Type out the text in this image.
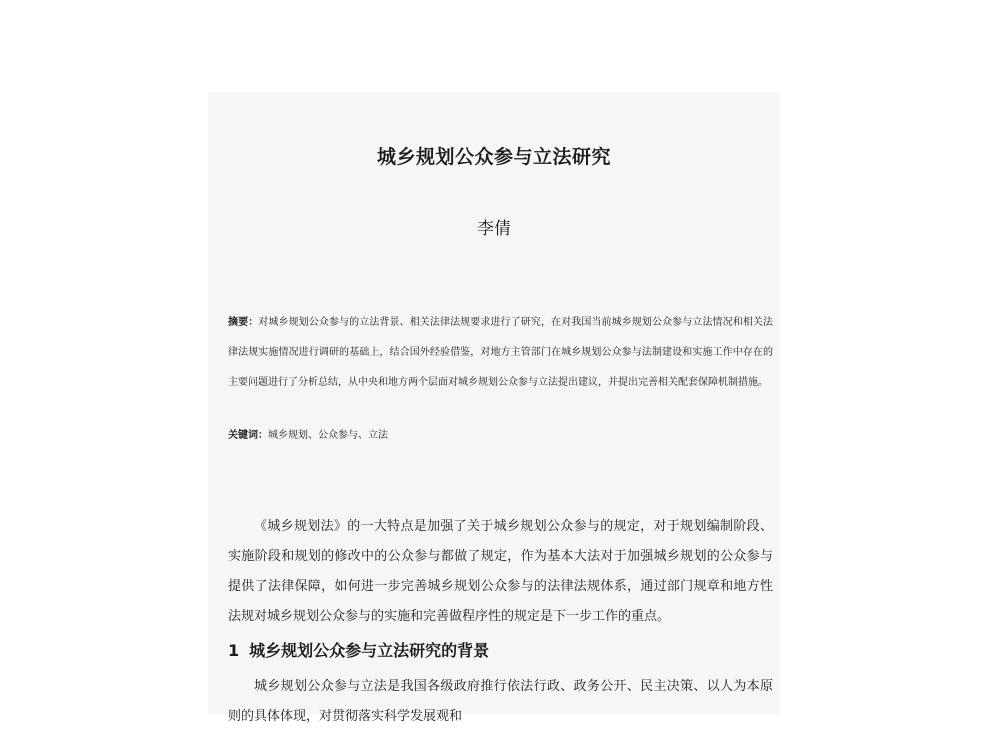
城乡规划公众参与立法研究
李倩
摘要：对城乡规划公众参与的立法背景、相关法律法规要求进行了研究，在对我国当前城乡规划公众参与立法情况和相关法律法规实施情况进行调研的基础上，结合国外经验借鉴，对地方主管部门在城乡规划公众参与法制建设和实施工作中存在的主要问题进行了分析总结，从中央和地方两个层面对城乡规划公众参与立法提出建议，并提出完善相关配套保障机制措施。
关键词：城乡规划、公众参与、立法
《城乡规划法》的一大特点是加强了关于城乡规划公众参与的规定，对于规划编制阶段、实施阶段和规划的修改中的公众参与都做了规定，作为基本大法对于加强城乡规划的公众参与提供了法律保障，如何进一步完善城乡规划公众参与的法律法规体系，通过部门规章和地方性法规对城乡规划公众参与的实施和完善做程序性的规定是下一步工作的重点。
1 城乡规划公众参与立法研究的背景
城乡规划公众参与立法是我国各级政府推行依法行政、政务公开、民主决策、以人为本原则的具体体现，对贯彻落实科学发展观和
